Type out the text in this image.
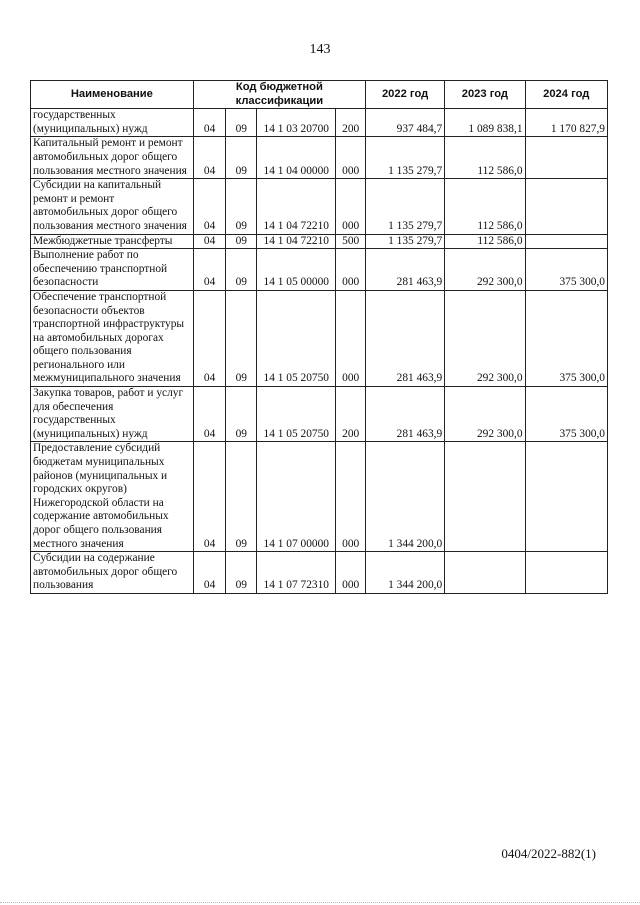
143
Наименование	Код бюджетной классификации				2022 год	2023 год	2024 год
государственных (муниципальных) нужд	04	09	14 1 03 20700	200	937 484,7	1 089 838,1	1 170 827,9
Капитальный ремонт и ремонт автомобильных дорог общего пользования местного значения	04	09	14 1 04 00000	000	1 135 279,7	112 586,0	
Субсидии на капитальный ремонт и ремонт автомобильных дорог общего пользования местного значения	04	09	14 1 04 72210	000	1 135 279,7	112 586,0	
Межбюджетные трансферты	04	09	14 1 04 72210	500	1 135 279,7	112 586,0	
Выполнение работ по обеспечению транспортной безопасности	04	09	14 1 05 00000	000	281 463,9	292 300,0	375 300,0
Обеспечение транспортной безопасности объектов транспортной инфраструктуры на автомобильных дорогах общего пользования регионального или межмуниципального значения	04	09	14 1 05 20750	000	281 463,9	292 300,0	375 300,0
Закупка товаров, работ и услуг для обеспечения государственных (муниципальных) нужд	04	09	14 1 05 20750	200	281 463,9	292 300,0	375 300,0
Предоставление субсидий бюджетам муниципальных районов (муниципальных и городских округов) Нижегородской области на содержание автомобильных дорог общего пользования местного значения	04	09	14 1 07 00000	000	1 344 200,0		
Субсидии на содержание автомобильных дорог общего пользования	04	09	14 1 07 72310	000	1 344 200,0		
0404/2022-882(1)
